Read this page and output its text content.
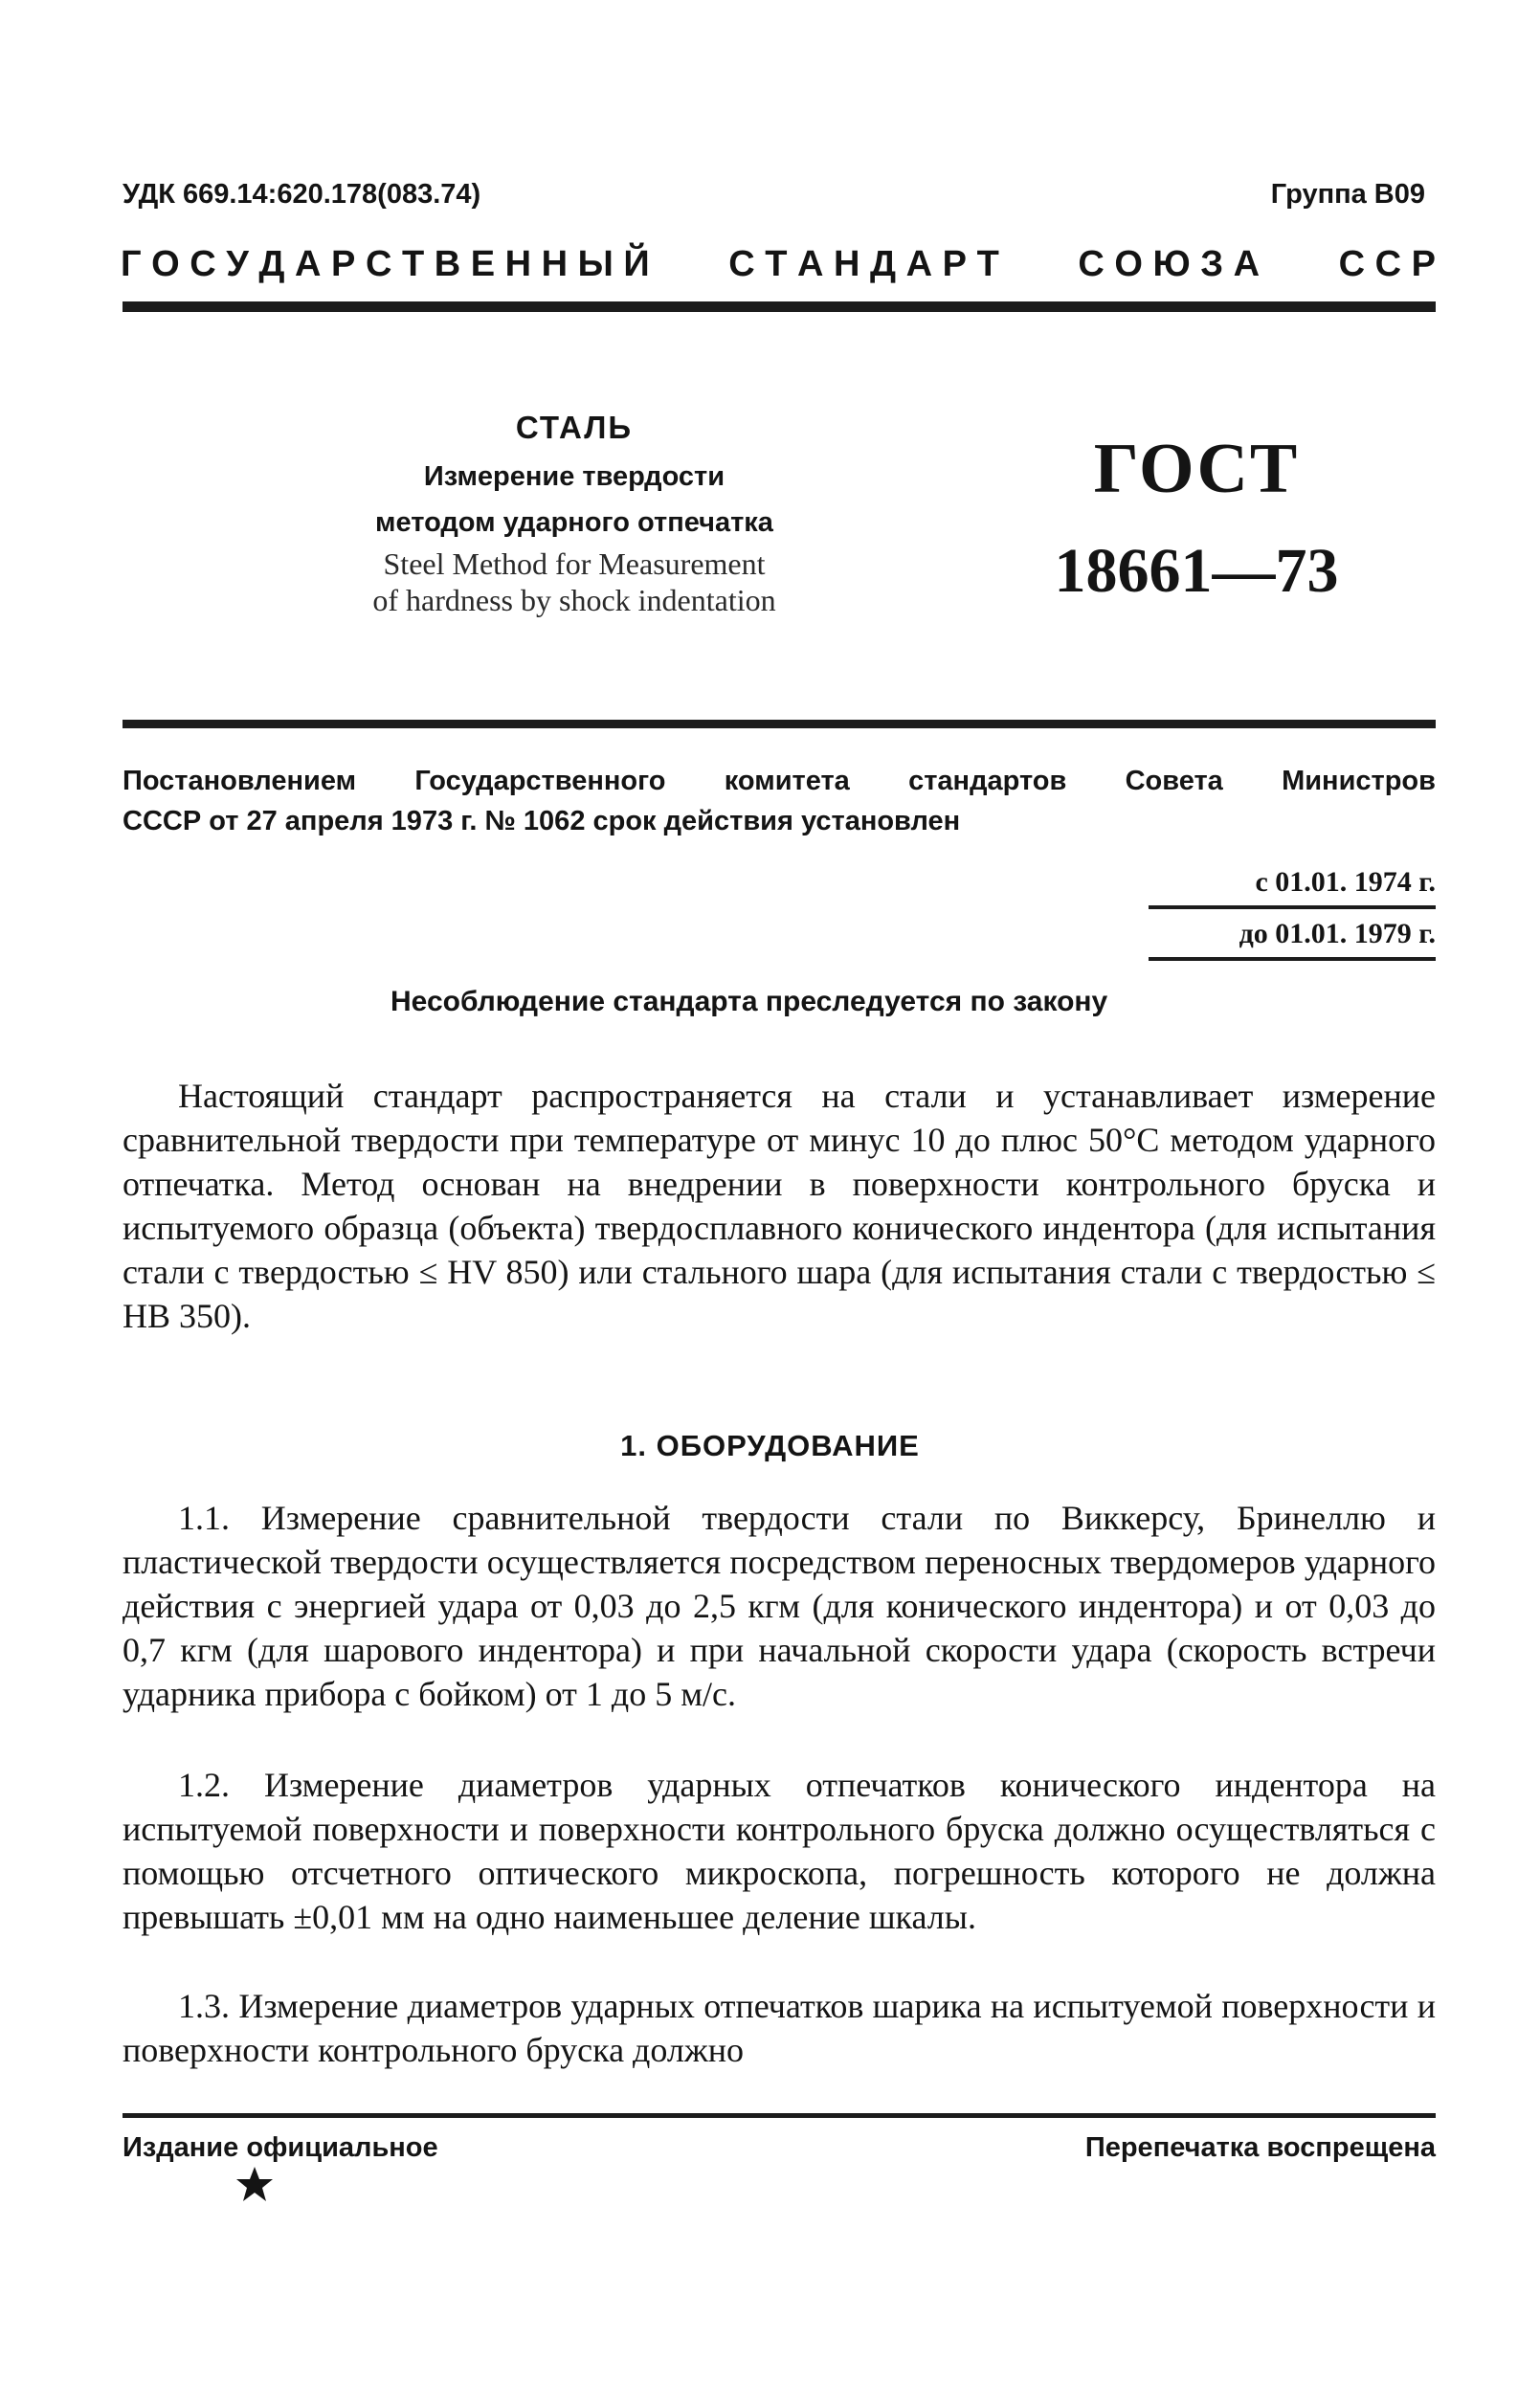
УДК 669.14:620.178(083.74)	Группа В09
Г О С У Д А Р С Т В Е Н Н Ы Й С Т А Н Д А Р Т С О Ю З А С С Р
СТАЛЬ
Измерение твердости
методом ударного отпечатка
Steel Method for Measurement
of hardness by shock indentation
ГОСТ
18661—73
Постановлением Государственного комитета стандартов Совета Министров
СССР от 27 апреля 1973 г. № 1062 срок действия установлен
с 01.01. 1974 г.
до 01.01. 1979 г.
Несоблюдение стандарта преследуется по закону
Настоящий стандарт распространяется на стали и устанавливает измерение сравнительной твердости при температуре от минус 10 до плюс 50°С методом ударного отпечатка. Метод основан на внедрении в поверхности контрольного бруска и испытуемого образца (объекта) твердосплавного конического индентора (для испытания стали с твердостью ≤ HV 850) или стального шара (для испытания стали с твердостью ≤ HB 350).
1. ОБОРУДОВАНИЕ
1.1. Измерение сравнительной твердости стали по Виккерсу, Бринеллю и пластической твердости осуществляется посредством переносных твердомеров ударного действия с энергией удара от 0,03 до 2,5 кгм (для конического индентора) и от 0,03 до 0,7 кгм (для шарового индентора) и при начальной скорости удара (скорость встречи ударника прибора с бойком) от 1 до 5 м/с.
1.2. Измерение диаметров ударных отпечатков конического индентора на испытуемой поверхности и поверхности контрольного бруска должно осуществляться с помощью отсчетного оптического микроскопа, погрешность которого не должна превышать ±0,01 мм на одно наименьшее деление шкалы.
1.3. Измерение диаметров ударных отпечатков шарика на испытуемой поверхности и поверхности контрольного бруска должно
Издание официальное	Перепечатка воспрещена
